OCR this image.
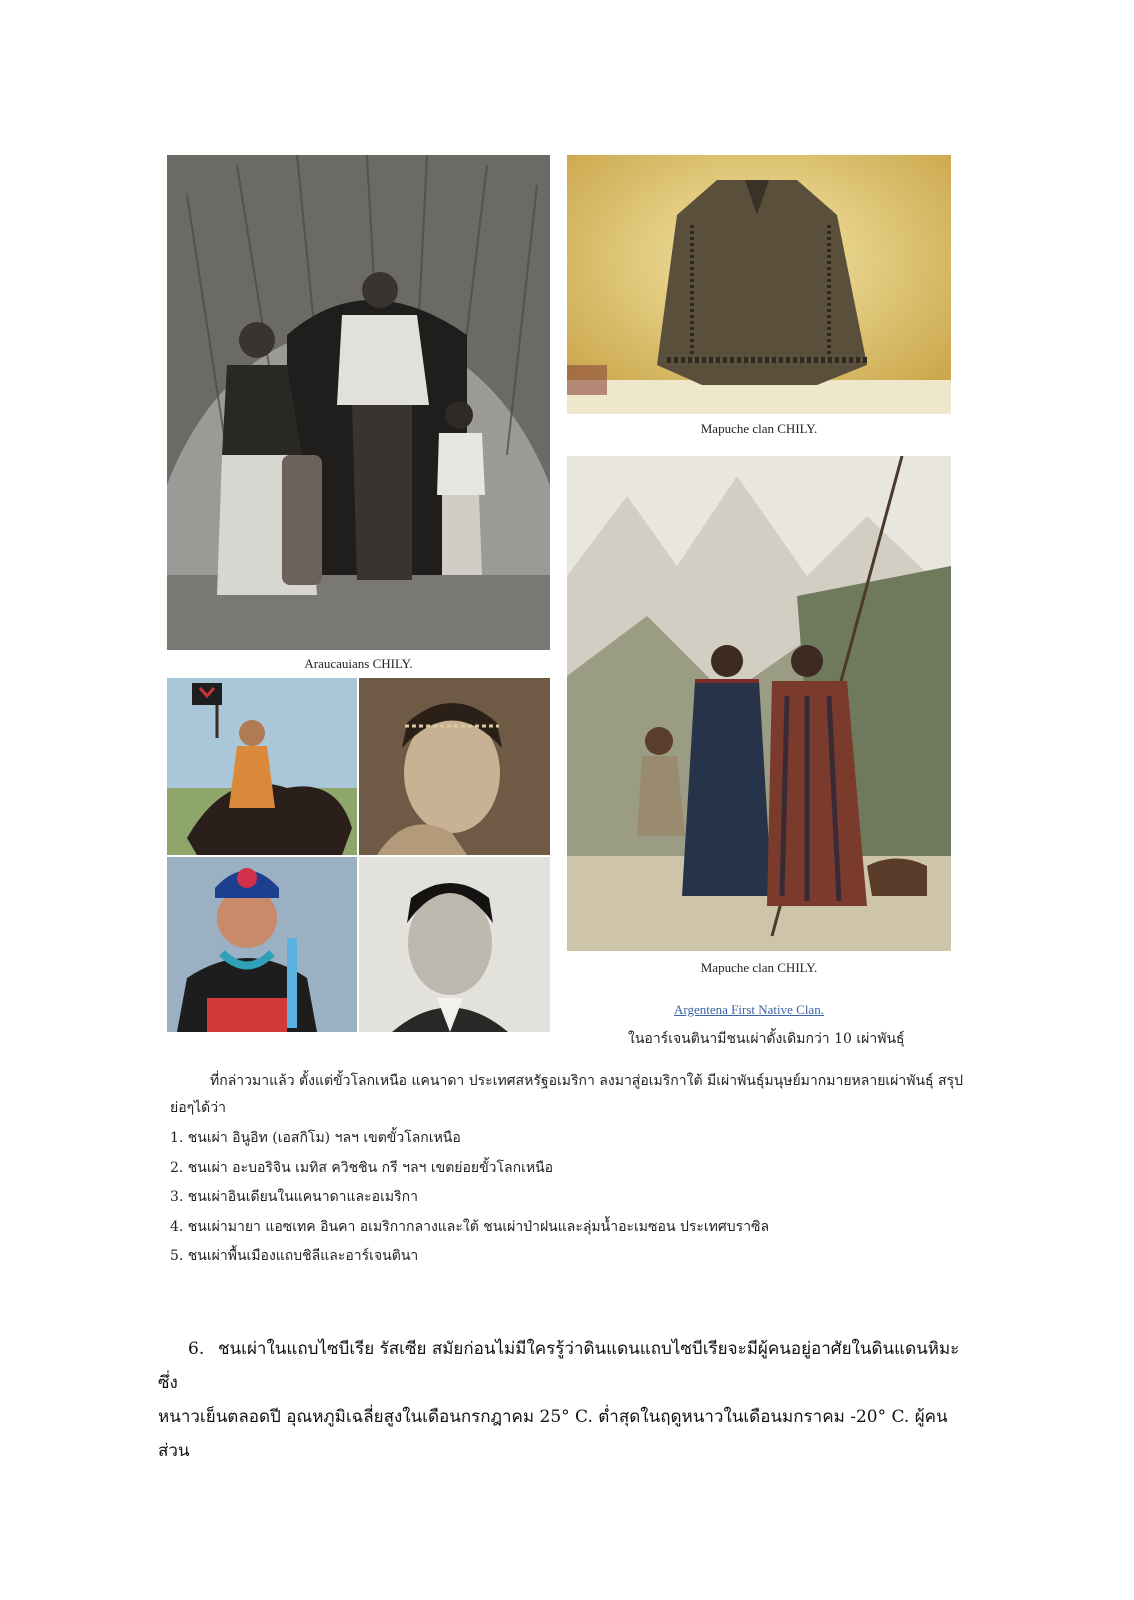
Mapuche clan CHILY.
Mapuche clan CHILY.
Araucauians CHILY.
Argentena First Native Clan.
ในอาร์เจนตินามีชนเผ่าดั้งเดิมกว่า 10 เผ่าพันธุ์
ที่กล่าวมาแล้ว ตั้งแต่ขั้วโลกเหนือ แคนาดา ประเทศสหรัฐอเมริกา ลงมาสู่อเมริกาใต้ มีเผ่าพันธุ์มนุษย์มากมายหลายเผ่าพันธุ์ สรุปย่อๆได้ว่า
1. ชนเผ่า อินูอิท (เอสกิโม) ฯลฯ เขตขั้วโลกเหนือ
2. ชนเผ่า อะบอริจิน เมทิส ควิชชิน กรี ฯลฯ เขตย่อยขั้วโลกเหนือ
3. ชนเผ่าอินเดียนในแคนาดาและอเมริกา
4. ชนเผ่ามายา แอซเทค อินคา อเมริกากลางและใต้ ชนเผ่าป่าฝนและลุ่มน้ำอะเมซอน ประเทศบราซิล
5. ชนเผ่าพื้นเมืองแถบชิลีและอาร์เจนตินา
6. ชนเผ่าในแถบไซบีเรีย รัสเซีย สมัยก่อนไม่มีใครรู้ว่าดินแดนแถบไซบีเรียจะมีผู้คนอยู่อาศัยในดินแดนหิมะ ซึ่ง
หนาวเย็นตลอดปี อุณหภูมิเฉลี่ยสูงในเดือนกรกฎาคม 25° C. ต่ำสุดในฤดูหนาวในเดือนมกราคม -20° C. ผู้คนส่วน
